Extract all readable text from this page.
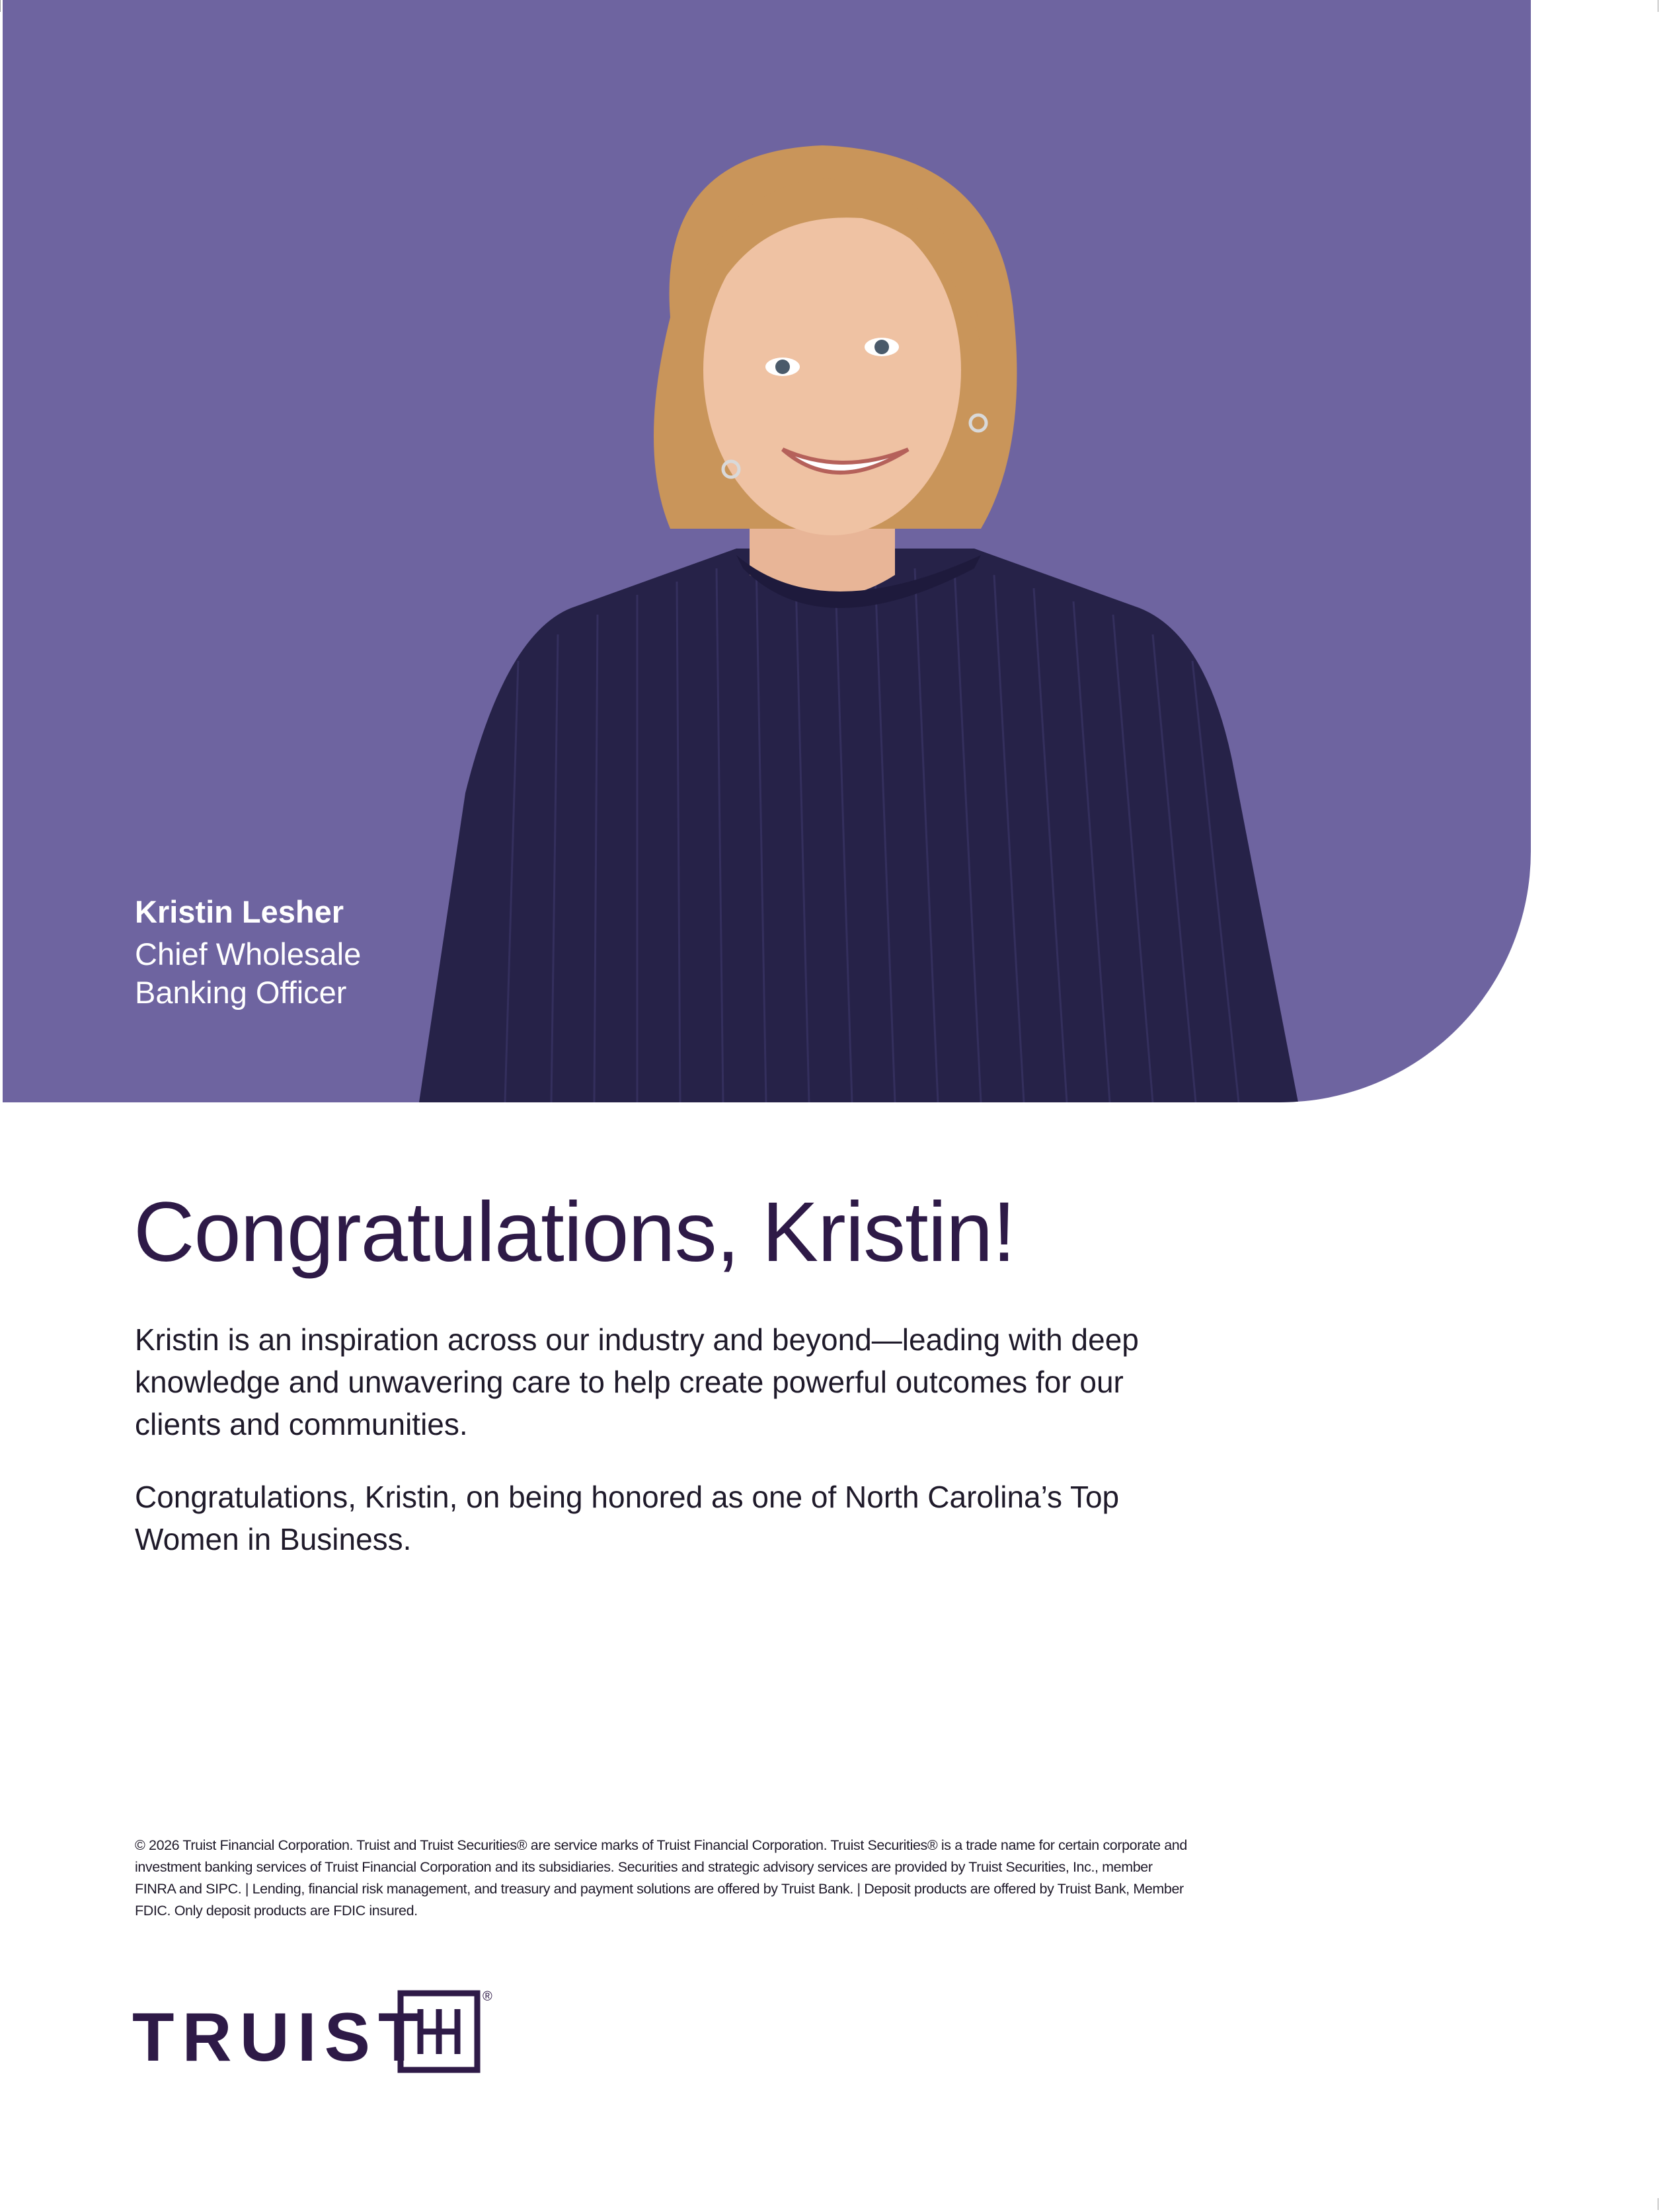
Kristin Lesher
Chief Wholesale
Banking Officer
Congratulations, Kristin!

Kristin is an inspiration across our industry and beyond—leading with deep knowledge and unwavering care to help create powerful outcomes for our clients and communities.

Congratulations, Kristin, on being honored as one of North Carolina’s Top Women in Business.

© 2026 Truist Financial Corporation. Truist and Truist Securities® are service marks of Truist Financial Corporation. Truist Securities® is a trade name for certain corporate and investment banking services of Truist Financial Corporation and its subsidiaries. Securities and strategic advisory services are provided by Truist Securities, Inc., member FINRA and SIPC. | Lending, financial risk management, and treasury and payment solutions are offered by Truist Bank. | Deposit products are offered by Truist Bank, Member FDIC. Only deposit products are FDIC insured.

TRUIST
®
